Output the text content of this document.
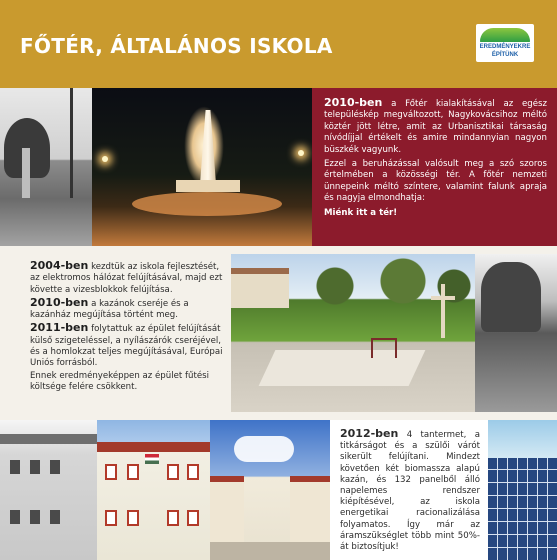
FŐTÉR, ÁLTALÁNOS ISKOLA	EREDMÉNYEKRE
ÉPÍTÜNK

2010-ben a Főtér kialakításával az egész településkép megváltozott, Nagykovácsihoz méltó köztér jött létre, amit az Urbanisztikai társaság nívódíjjal értékelt és amire mindannyian nagyon büszkék vagyunk.

Ezzel a beruházással valósult meg a szó szoros értelmében a közösségi tér. A főtér nemzeti ünnepeink méltó színtere, valamint falunk apraja és nagyja elmondhatja:

Miénk itt a tér!

2004-ben kezdtük az iskola fejlesztését, az elektromos hálózat felújításával, majd ezt követte a vizesblokkok felújítása.

2010-ben a kazánok cseréje és a kazánház megújítása történt meg.

2011-ben folytattuk az épület felújítását külső szigeteléssel, a nyílászárók cseréjével, és a homlokzat teljes megújításával, Európai Uniós forrásból.

Ennek eredményeképpen az épület fűtési költsége felére csökkent.

2012-ben 4 tantermet, a titkárságot és a szülői várót sikerült felújítani. Mindezt követően két biomassza alapú kazán, és 132 panelből álló napelemes rendszer kiépítésével, az iskola energetikai racionalizálása folyamatos. Így már az áramszükséglet több mint 50%-át biztosítjuk!
